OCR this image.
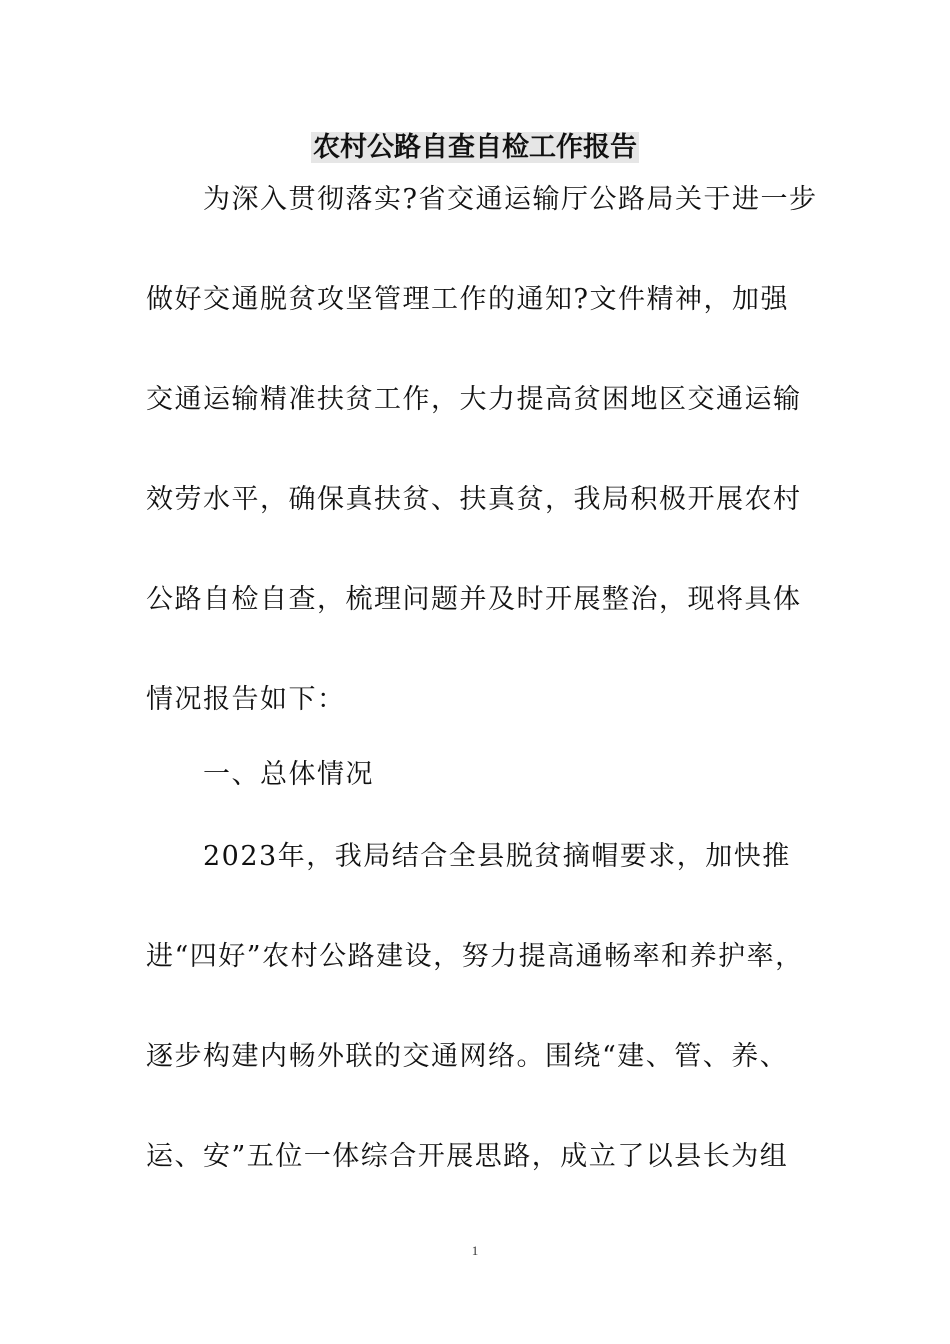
农村公路自查自检工作报告
　　为深入贯彻落实?省交通运输厅公路局关于进一步
做好交通脱贫攻坚管理工作的通知?文件精神，加强
交通运输精准扶贫工作，大力提高贫困地区交通运输
效劳水平，确保真扶贫、扶真贫，我局积极开展农村
公路自检自查，梳理问题并及时开展整治，现将具体
情况报告如下：
　　一、总体情况
　　2023年，我局结合全县脱贫摘帽要求，加快推
进“四好”农村公路建设，努力提高通畅率和养护率，
逐步构建内畅外联的交通网络。围绕“建、管、养、
运、安”五位一体综合开展思路，成立了以县长为组
1
